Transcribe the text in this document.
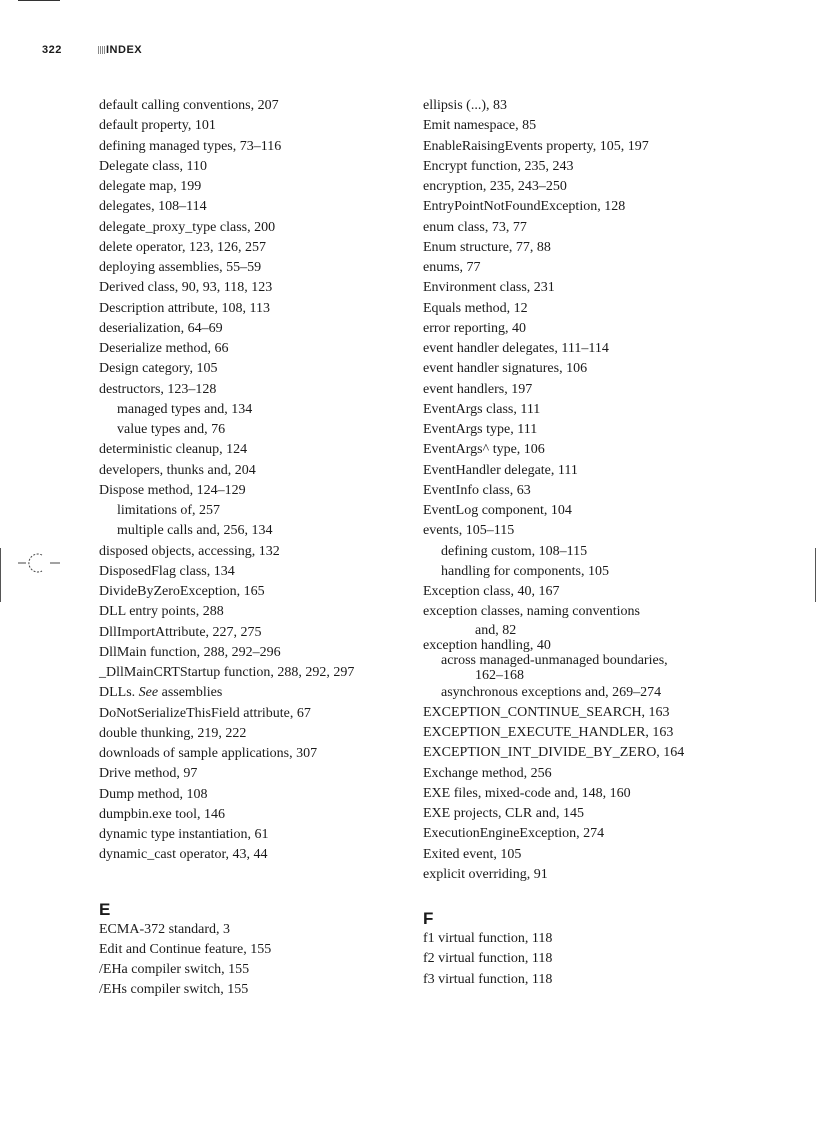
322	INDEX
default calling conventions, 207
default property, 101
defining managed types, 73–116
Delegate class, 110
delegate map, 199
delegates, 108–114
delegate_proxy_type class, 200
delete operator, 123, 126, 257
deploying assemblies, 55–59
Derived class, 90, 93, 118, 123
Description attribute, 108, 113
deserialization, 64–69
Deserialize method, 66
Design category, 105
destructors, 123–128
managed types and, 134
value types and, 76
deterministic cleanup, 124
developers, thunks and, 204
Dispose method, 124–129
limitations of, 257
multiple calls and, 256, 134
disposed objects, accessing, 132
DisposedFlag class, 134
DivideByZeroException, 165
DLL entry points, 288
DllImportAttribute, 227, 275
DllMain function, 288, 292–296
_DllMainCRTStartup function, 288, 292, 297
DLLs. See assemblies
DoNotSerializeThisField attribute, 67
double thunking, 219, 222
downloads of sample applications, 307
Drive method, 97
Dump method, 108
dumpbin.exe tool, 146
dynamic type instantiation, 61
dynamic_cast operator, 43, 44
E
ECMA-372 standard, 3
Edit and Continue feature, 155
/EHa compiler switch, 155
/EHs compiler switch, 155
ellipsis (...), 83
Emit namespace, 85
EnableRaisingEvents property, 105, 197
Encrypt function, 235, 243
encryption, 235, 243–250
EntryPointNotFoundException, 128
enum class, 73, 77
Enum structure, 77, 88
enums, 77
Environment class, 231
Equals method, 12
error reporting, 40
event handler delegates, 111–114
event handler signatures, 106
event handlers, 197
EventArgs class, 111
EventArgs type, 111
EventArgs^ type, 106
EventHandler delegate, 111
EventInfo class, 63
EventLog component, 104
events, 105–115
defining custom, 108–115
handling for components, 105
Exception class, 40, 167
exception classes, naming conventions
and, 82
exception handling, 40
across managed-unmanaged boundaries,
162–168
asynchronous exceptions and, 269–274
EXCEPTION_CONTINUE_SEARCH, 163
EXCEPTION_EXECUTE_HANDLER, 163
EXCEPTION_INT_DIVIDE_BY_ZERO, 164
Exchange method, 256
EXE files, mixed-code and, 148, 160
EXE projects, CLR and, 145
ExecutionEngineException, 274
Exited event, 105
explicit overriding, 91
F
f1 virtual function, 118
f2 virtual function, 118
f3 virtual function, 118
